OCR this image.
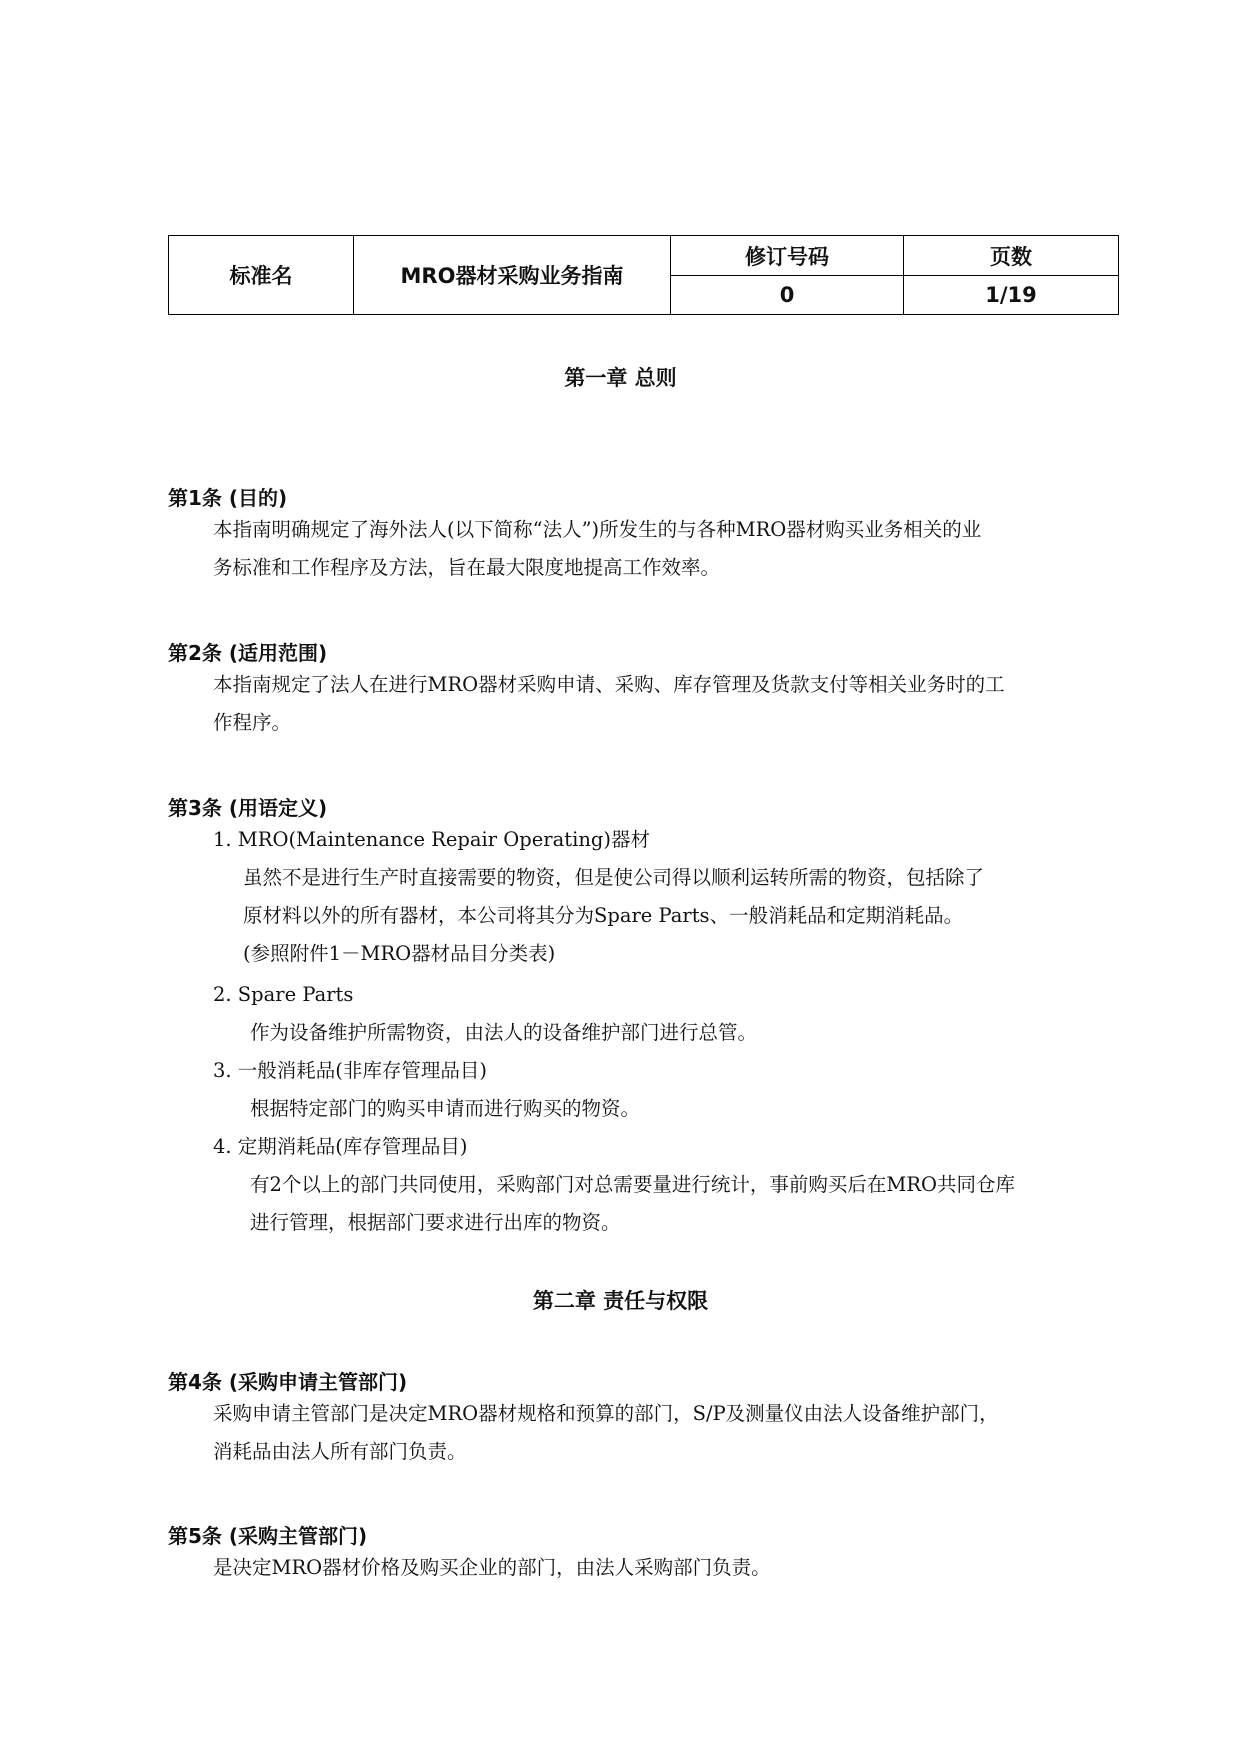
标准名	MRO器材采购业务指南	修订号码	页数
		0	1/19
第一章 总则
第1条 (目的)
本指南明确规定了海外法人(以下简称“法人”)所发生的与各种MRO器材购买业务相关的业
务标准和工作程序及方法，旨在最大限度地提高工作效率。
第2条 (适用范围)
本指南规定了法人在进行MRO器材采购申请、采购、库存管理及货款支付等相关业务时的工
作程序。
第3条 (用语定义)
1. MRO(Maintenance Repair Operating)器材
虽然不是进行生产时直接需要的物资，但是使公司得以顺利运转所需的物资，包括除了
原材料以外的所有器材，本公司将其分为Spare Parts、一般消耗品和定期消耗品。
(参照附件1－MRO器材品目分类表)
2. Spare Parts
作为设备维护所需物资，由法人的设备维护部门进行总管。
3. 一般消耗品(非库存管理品目)
根据特定部门的购买申请而进行购买的物资。
4. 定期消耗品(库存管理品目)
有2个以上的部门共同使用，采购部门对总需要量进行统计，事前购买后在MRO共同仓库
进行管理，根据部门要求进行出库的物资。
第二章 责任与权限
第4条 (采购申请主管部门)
采购申请主管部门是决定MRO器材规格和预算的部门，S/P及测量仪由法人设备维护部门，
消耗品由法人所有部门负责。
第5条 (采购主管部门)
是决定MRO器材价格及购买企业的部门，由法人采购部门负责。
